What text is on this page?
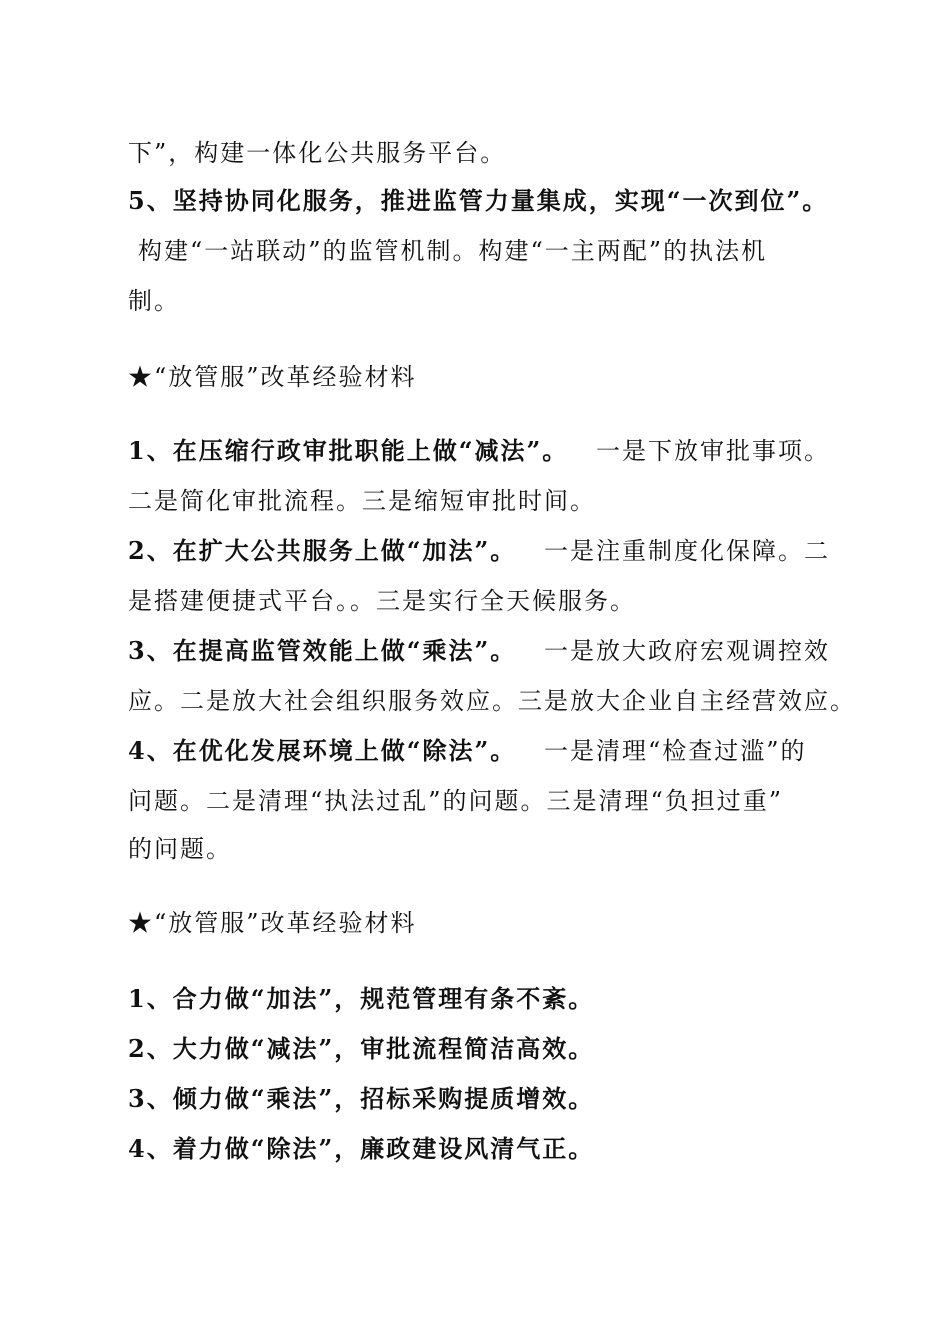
下”，构建一体化公共服务平台。
5、坚持协同化服务，推进监管力量集成，实现“一次到位”。
构建“一站联动”的监管机制。构建“一主两配”的执法机
制。
★“放管服”改革经验材料
1、在压缩行政审批职能上做“减法”。 一是下放审批事项。
二是简化审批流程。三是缩短审批时间。
2、在扩大公共服务上做“加法”。 一是注重制度化保障。二
是搭建便捷式平台。。三是实行全天候服务。
3、在提高监管效能上做“乘法”。 一是放大政府宏观调控效
应。二是放大社会组织服务效应。三是放大企业自主经营效应。
4、在优化发展环境上做“除法”。 一是清理“检查过滥”的
问题。二是清理“执法过乱”的问题。三是清理“负担过重”
的问题。
★“放管服”改革经验材料
1、合力做“加法”，规范管理有条不紊。
2、大力做“减法”，审批流程简洁高效。
3、倾力做“乘法”，招标采购提质增效。
4、着力做“除法”，廉政建设风清气正。
